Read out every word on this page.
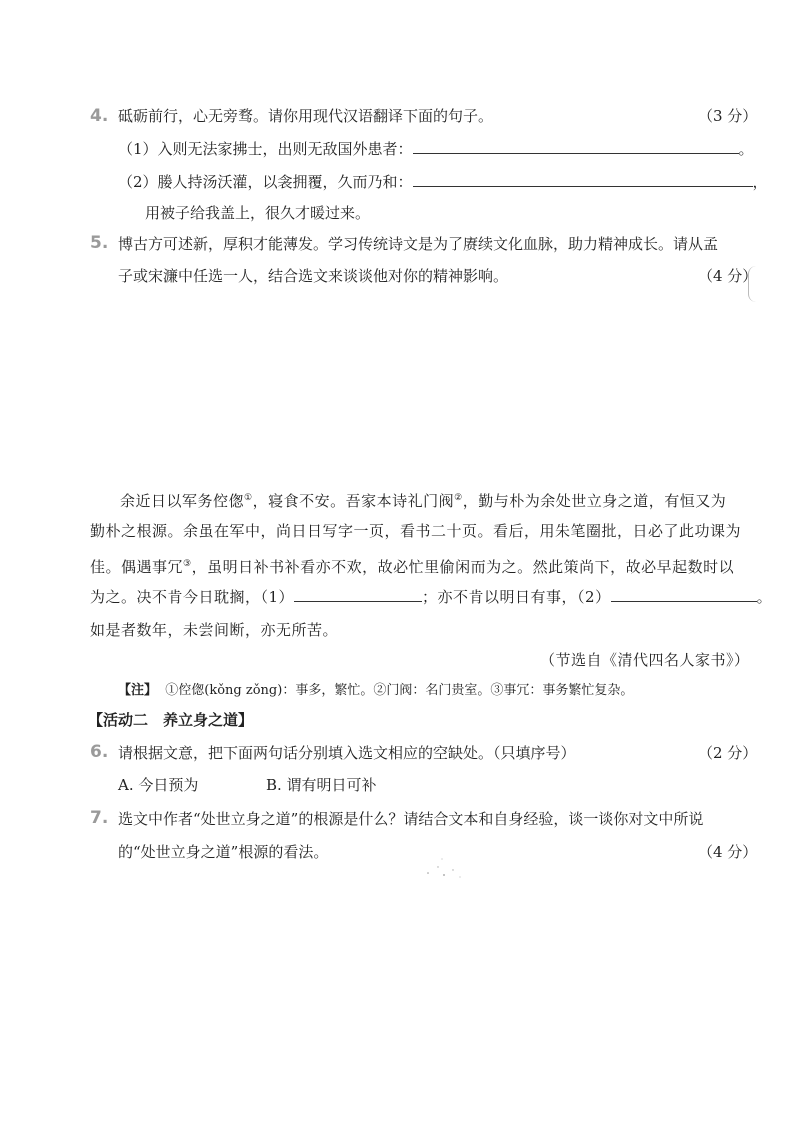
4. 砥砺前行，心无旁骛。请你用现代汉语翻译下面的句子。	（3 分）
（1）入则无法家拂士，出则无敌国外患者：	。
（2）媵人持汤沃灌，以衾拥覆，久而乃和：	，
用被子给我盖上，很久才暖过来。
5. 博古方可述新，厚积才能薄发。学习传统诗文是为了赓续文化血脉，助力精神成长。请从孟
子或宋濂中任选一人，结合选文来谈谈他对你的精神影响。	（4 分）
余近日以军务倥偬①，寝食不安。吾家本诗礼门阀②，勤与朴为余处世立身之道，有恒又为
勤朴之根源。余虽在军中，尚日日写字一页，看书二十页。看后，用朱笔圈批，日必了此功课为
佳。偶遇事冗③，虽明日补书补看亦不欢，故必忙里偷闲而为之。然此策尚下，故必早起数时以
为之。决不肯今日耽搁，（1）	；亦不肯以明日有事，（2）	。
如是者数年，未尝间断，亦无所苦。
（节选自《清代四名人家书》）
【注】 ①倥偬(kǒng zǒng)：事多，繁忙。②门阀：名门贵室。③事冗：事务繁忙复杂。
【活动二　养立身之道】
6. 请根据文意，把下面两句话分别填入选文相应的空缺处。（只填序号）	（2 分）
A. 今日预为	B. 谓有明日可补
7. 选文中作者“处世立身之道”的根源是什么？请结合文本和自身经验，谈一谈你对文中所说
的“处世立身之道”根源的看法。	（4 分）
